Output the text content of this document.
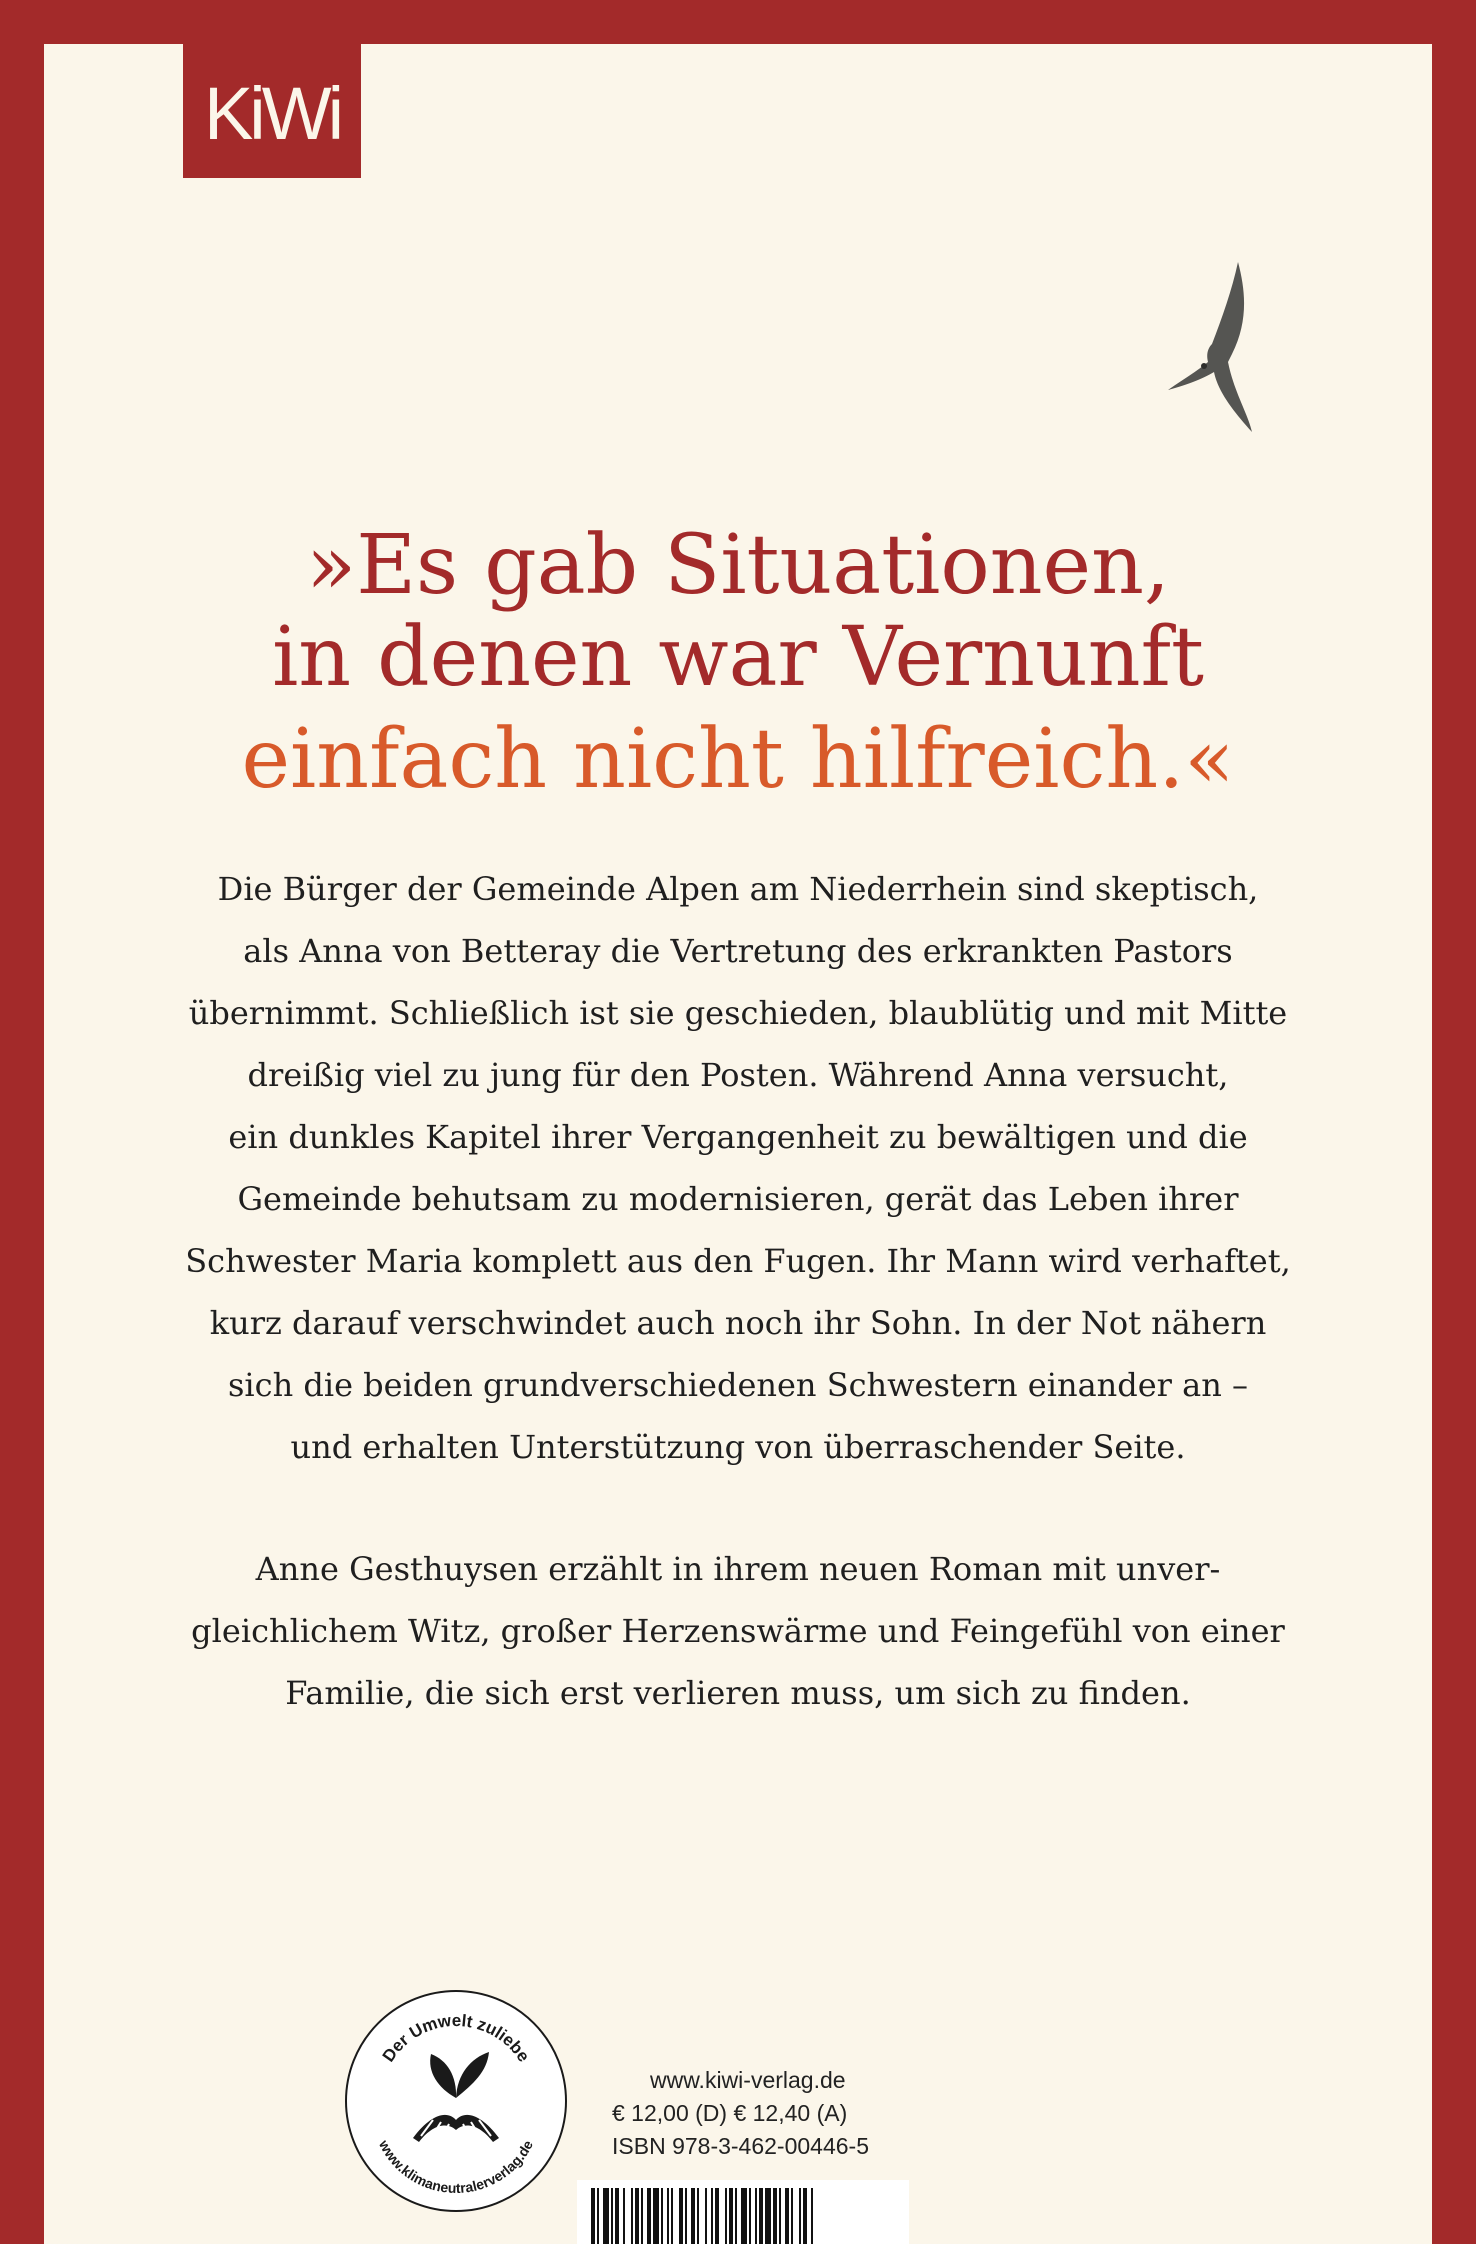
KiWi

»Es gab Situationen,

in denen war Vernunft

einfach nicht hilfreich.«

Die Bürger der Gemeinde Alpen am Niederrhein sind skeptisch,
als Anna von Betteray die Vertretung des erkrankten Pastors
übernimmt. Schließlich ist sie geschieden, blaublütig und mit Mitte
dreißig viel zu jung für den Posten. Während Anna versucht,
ein dunkles Kapitel ihrer Vergangenheit zu bewältigen und die
Gemeinde behutsam zu modernisieren, gerät das Leben ihrer
Schwester Maria komplett aus den Fugen. Ihr Mann wird verhaftet,
kurz darauf verschwindet auch noch ihr Sohn. In der Not nähern
sich die beiden grundverschiedenen Schwestern einander an –
und erhalten Unterstützung von überraschender Seite.
Anne Gesthuysen erzählt in ihrem neuen Roman mit unver-
gleichlichem Witz, großer Herzenswärme und Feingefühl von einer
Familie, die sich erst verlieren muss, um sich zu finden.
Der Umwelt zuliebe
www.klimaneutralerverlag.de
www.kiwi-verlag.de
€ 12,00 (D) € 12,40 (A)
ISBN 978-3-462-00446-5
